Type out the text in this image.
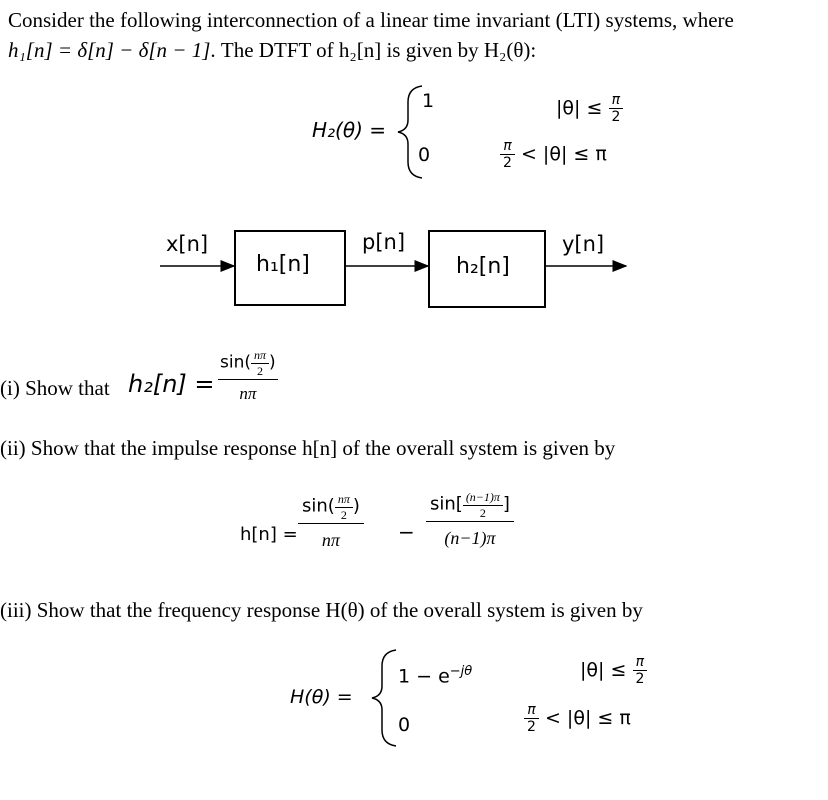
Consider the following interconnection of a linear time invariant (LTI) systems, where
h₁[n] = δ[n] − δ[n − 1]. The DTFT of h₂[n] is given by H₂(θ):
H₂(θ) =
1
0
$|\theta| \le \frac{\pi}{2}$
$\frac{\pi}{2} < |\theta| \le \pi$
x[n]
h₁[n]
p[n]
h₂[n]
y[n]
(i) Show that $h_2[n] = \frac{\sin( \frac{n\pi}{2} )}{n\pi}$
(ii) Show that the impulse response h[n] of the overall system is given by
$h[n] = \frac{\sin( \frac{n\pi}{2} )}{n\pi} - \frac{\sin[ \frac{(n-1)\pi}{2} ]}{(n-1)\pi}$
(iii) Show that the frequency response H(θ) of the overall system is given by
H(θ) =
$1 - e^{-j\theta}$
0
$|\theta| \le \frac{\pi}{2}$
$\frac{\pi}{2} < |\theta| \le \pi$
